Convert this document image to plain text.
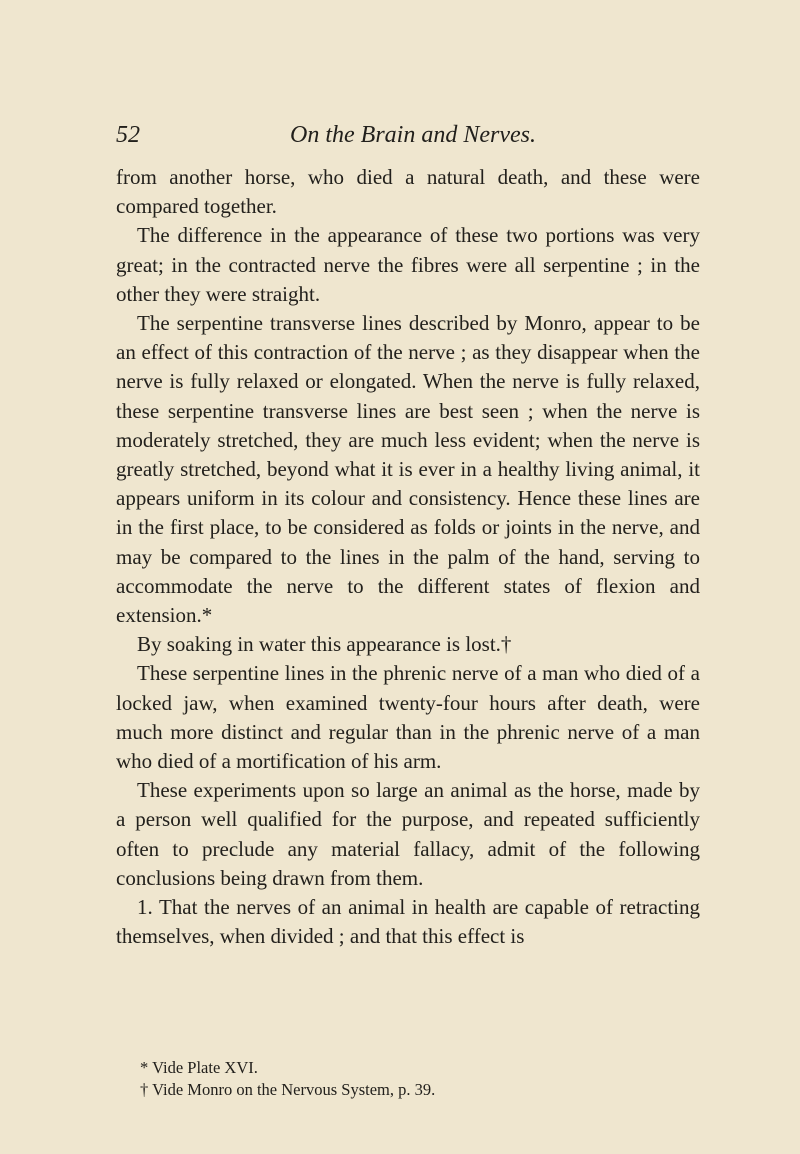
52	On the Brain and Nerves.

from another horse, who died a natural death, and these were compared together.

The difference in the appearance of these two portions was very great; in the contracted nerve the fibres were all serpentine ; in the other they were straight.

The serpentine transverse lines described by Monro, appear to be an effect of this contraction of the nerve ; as they disappear when the nerve is fully relaxed or elongated. When the nerve is fully relaxed, these serpentine transverse lines are best seen ; when the nerve is moderately stretched, they are much less evident; when the nerve is greatly stretched, beyond what it is ever in a healthy living animal, it appears uniform in its colour and consistency. Hence these lines are in the first place, to be considered as folds or joints in the nerve, and may be compared to the lines in the palm of the hand, serving to accommodate the nerve to the different states of flexion and extension.*

By soaking in water this appearance is lost.†

These serpentine lines in the phrenic nerve of a man who died of a locked jaw, when examined twenty-four hours after death, were much more distinct and regular than in the phrenic nerve of a man who died of a mortification of his arm.

These experiments upon so large an animal as the horse, made by a person well qualified for the purpose, and repeated sufficiently often to preclude any material fallacy, admit of the following conclusions being drawn from them.

1. That the nerves of an animal in health are capable of retracting themselves, when divided ; and that this effect is

* Vide Plate XVI.

† Vide Monro on the Nervous System, p. 39.
